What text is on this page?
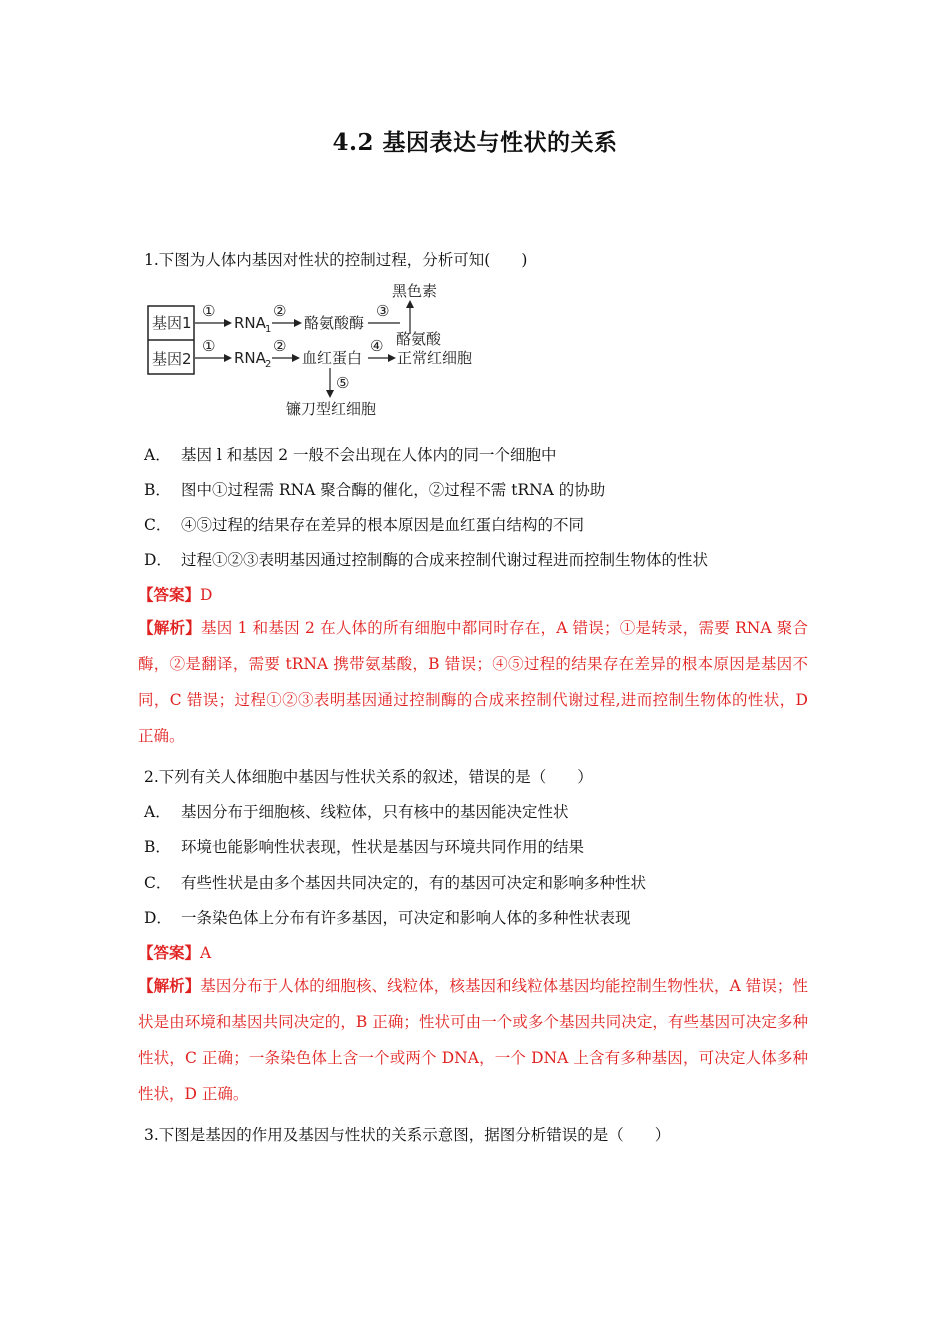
4.2 基因表达与性状的关系
1.下图为人体内基因对性状的控制过程，分析可知(　　)
基因1
基因2
①
RNA 1
②
酪氨酸酶
③
黑色素
酪氨酸
①
RNA 2
②
血红蛋白
④
正常红细胞
⑤
镰刀型红细胞
A． 基因 l 和基因 2 一般不会出现在人体内的同一个细胞中
B． 图中①过程需 RNA 聚合酶的催化，②过程不需 tRNA 的协助
C． ④⑤过程的结果存在差异的根本原因是血红蛋白结构的不同
D． 过程①②③表明基因通过控制酶的合成来控制代谢过程进而控制生物体的性状
【答案】D
【解析】基因 1 和基因 2 在人体的所有细胞中都同时存在，A 错误；①是转录，需要 RNA 聚合酶，②是翻译，需要 tRNA 携带氨基酸，B 错误；④⑤过程的结果存在差异的根本原因是基因不同，C 错误；过程①②③表明基因通过控制酶的合成来控制代谢过程,进而控制生物体的性状，D 正确。
2.下列有关人体细胞中基因与性状关系的叙述，错误的是（　　）
A． 基因分布于细胞核、线粒体，只有核中的基因能决定性状
B． 环境也能影响性状表现，性状是基因与环境共同作用的结果
C． 有些性状是由多个基因共同决定的，有的基因可决定和影响多种性状
D． 一条染色体上分布有许多基因，可决定和影响人体的多种性状表现
【答案】A
【解析】基因分布于人体的细胞核、线粒体，核基因和线粒体基因均能控制生物性状，A 错误；性状是由环境和基因共同决定的，B 正确；性状可由一个或多个基因共同决定，有些基因可决定多种性状，C 正确；一条染色体上含一个或两个 DNA，一个 DNA 上含有多种基因，可决定人体多种性状，D 正确。
3.下图是基因的作用及基因与性状的关系示意图，据图分析错误的是（　　）
